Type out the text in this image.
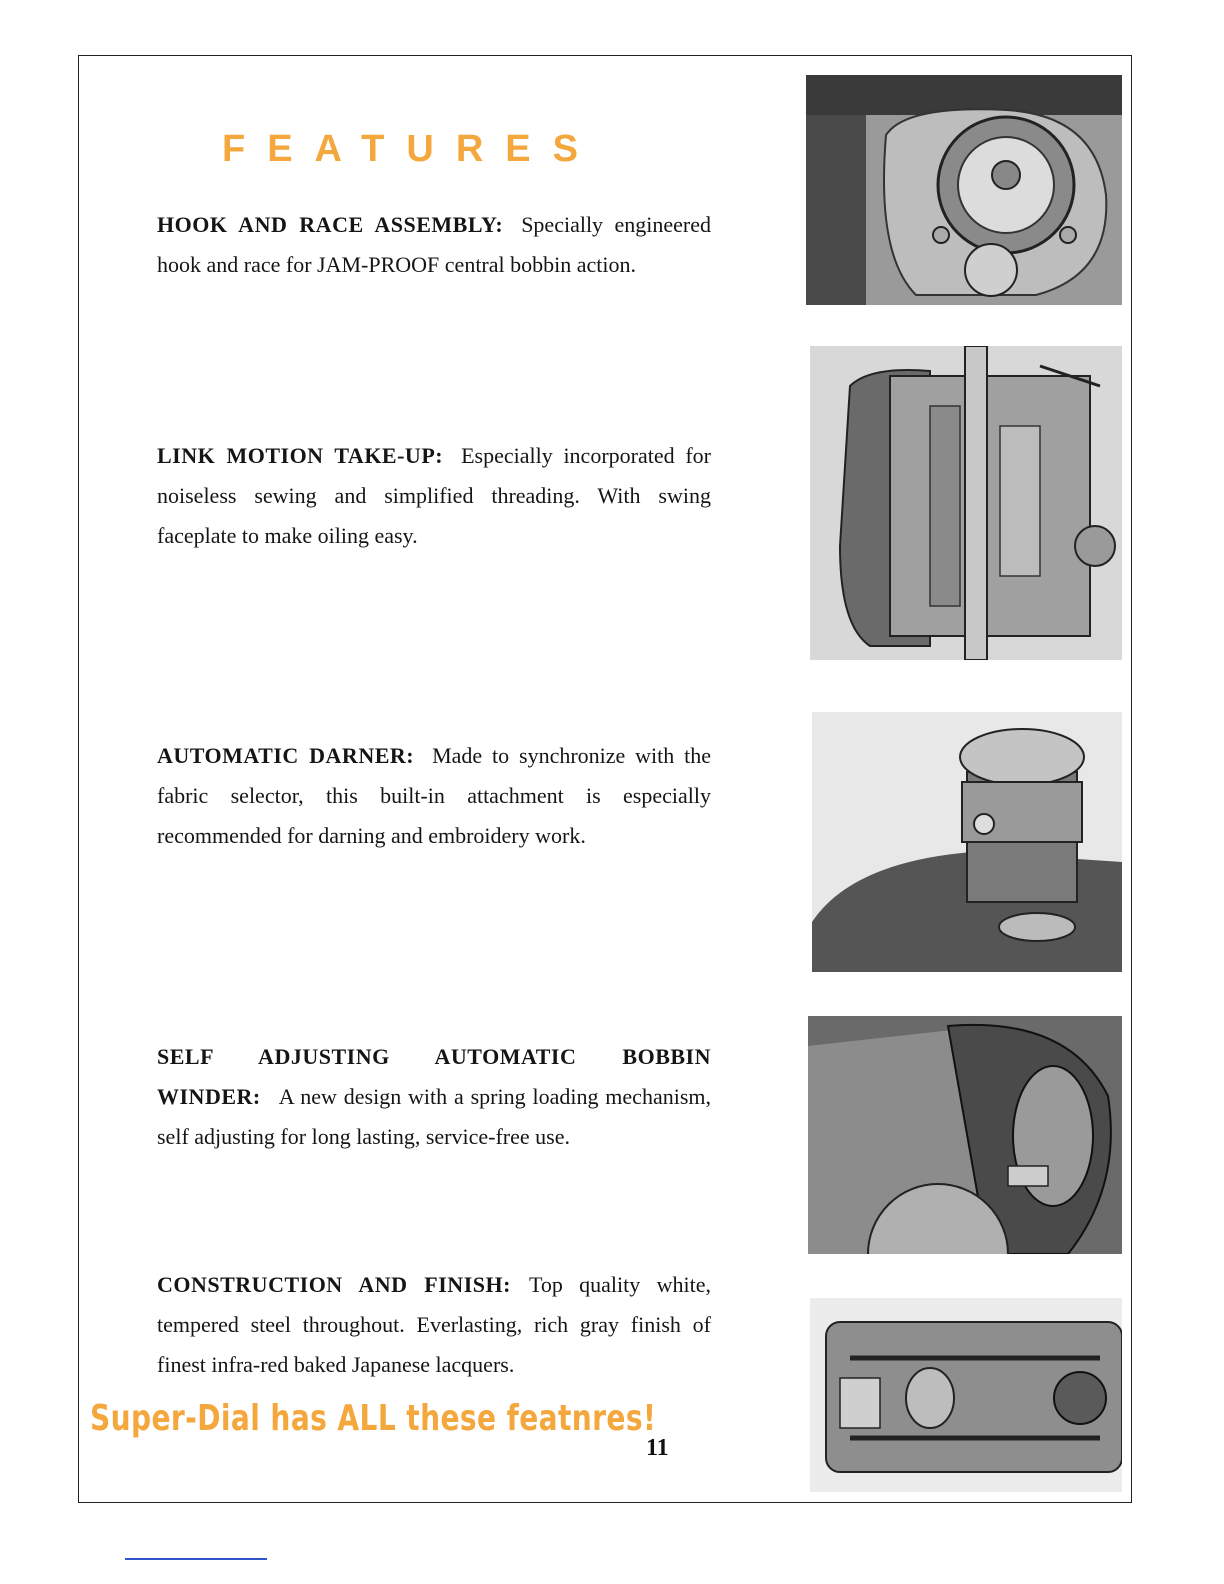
FEATURES
HOOK AND RACE ASSEMBLY: Specially engineered hook and race for JAM-PROOF central bobbin action.
LINK MOTION TAKE-UP: Especially incorporated for noiseless sewing and simplified threading. With swing faceplate to make oiling easy.
AUTOMATIC DARNER: Made to synchronize with the fabric selector, this built-in attachment is especially recommended for darning and embroidery work.
SELF ADJUSTING AUTOMATIC BOBBIN WINDER: A new design with a spring loading mechanism, self adjusting for long lasting, service-free use.
CONSTRUCTION AND FINISH: Top quality white, tempered steel throughout. Everlasting, rich gray finish of finest infra-red baked Japanese lacquers.
Super-Dial has ALL these featnres!
11
